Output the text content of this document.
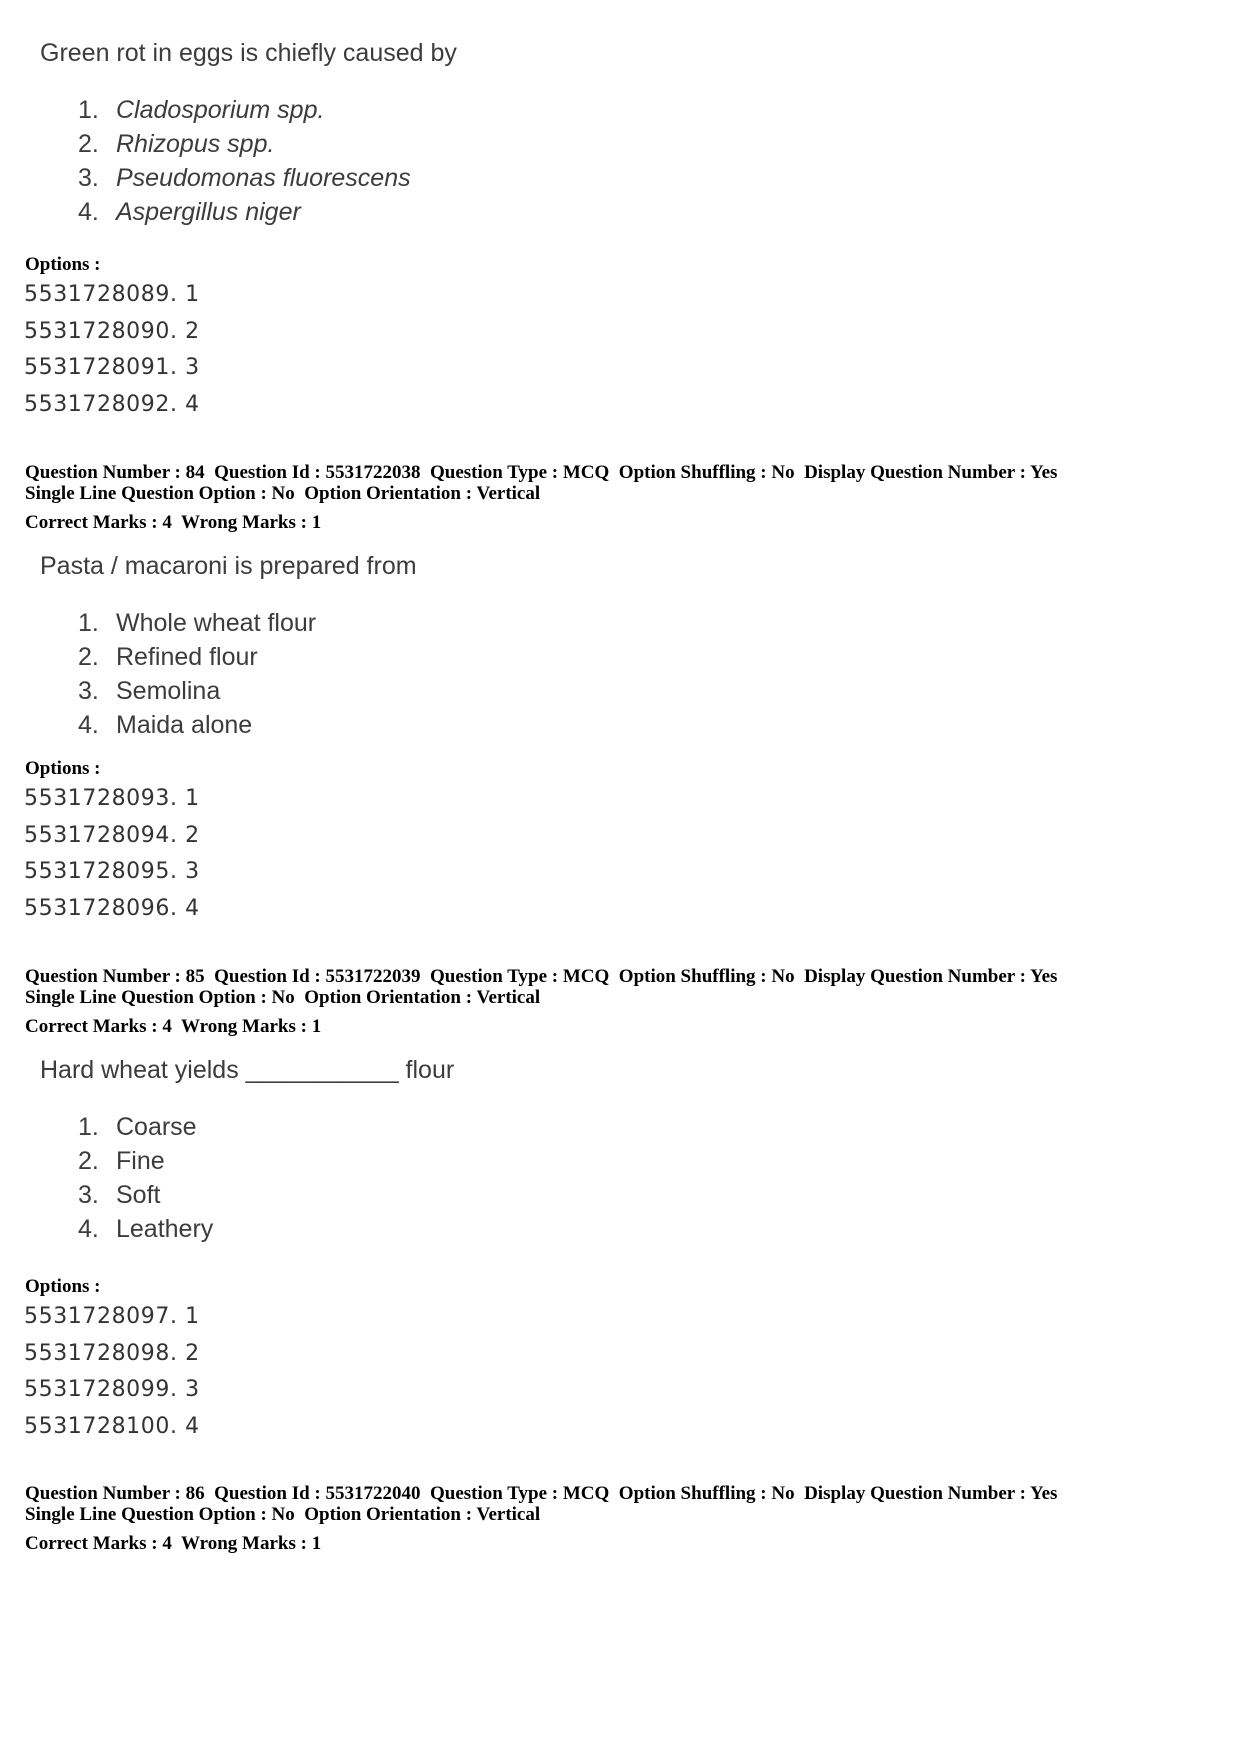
Green rot in eggs is chiefly caused by
1. Cladosporium spp.
2. Rhizopus spp.
3. Pseudomonas fluorescens
4. Aspergillus niger
Options :
5531728089. 1
5531728090. 2
5531728091. 3
5531728092. 4
Question Number : 84  Question Id : 5531722038  Question Type : MCQ  Option Shuffling : No  Display Question Number : Yes
Single Line Question Option : No  Option Orientation : Vertical
Correct Marks : 4  Wrong Marks : 1
Pasta / macaroni is prepared from
1. Whole wheat flour
2. Refined flour
3. Semolina
4. Maida alone
Options :
5531728093. 1
5531728094. 2
5531728095. 3
5531728096. 4
Question Number : 85  Question Id : 5531722039  Question Type : MCQ  Option Shuffling : No  Display Question Number : Yes
Single Line Question Option : No  Option Orientation : Vertical
Correct Marks : 4  Wrong Marks : 1
Hard wheat yields ___________ flour
1. Coarse
2. Fine
3. Soft
4. Leathery
Options :
5531728097. 1
5531728098. 2
5531728099. 3
5531728100. 4
Question Number : 86  Question Id : 5531722040  Question Type : MCQ  Option Shuffling : No  Display Question Number : Yes
Single Line Question Option : No  Option Orientation : Vertical
Correct Marks : 4  Wrong Marks : 1
